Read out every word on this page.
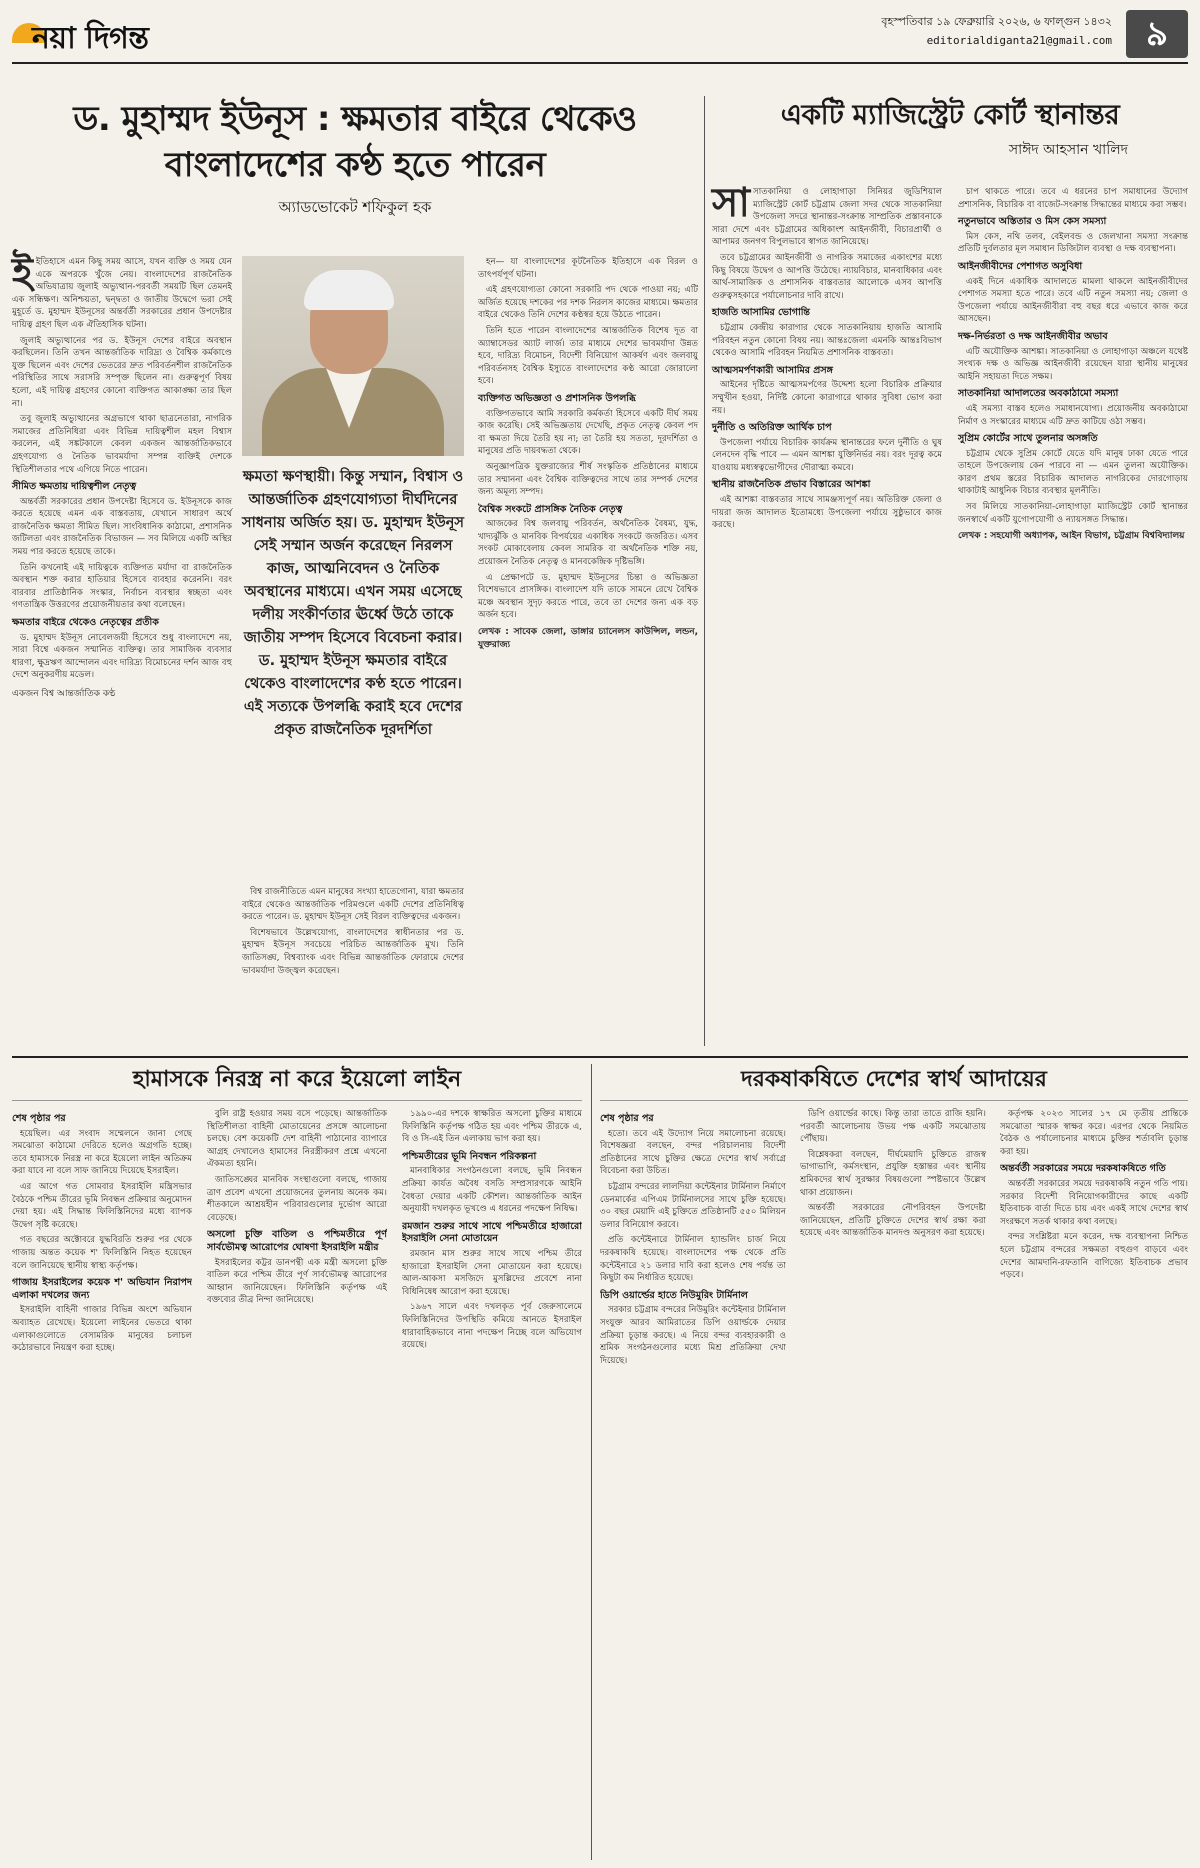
নয়া দিগন্ত	বৃহস্পতিবার ১৯ ফেব্রুয়ারি ২০২৬, ৬ ফাল্গুন ১৪৩২
editorialdiganta21@gmail.com ৯
ড. মুহাম্মদ ইউনূস : ক্ষমতার বাইরে থেকেও
বাংলাদেশের কণ্ঠ হতে পারেন
অ্যাডভোকেট শফিকুল হক

ইইতিহাসে এমন কিছু সময় আসে, যখন ব্যক্তি ও সময় যেন একে অপরকে খুঁজে নেয়। বাংলাদেশের রাজনৈতিক অভিযাত্রায় জুলাই অভ্যুত্থান-পরবর্তী সময়টি ছিল তেমনই এক সন্ধিক্ষণ। অনিশ্চয়তা, দ্বন্দ্বতা ও জাতীয় উদ্বেগে ভরা সেই মুহূর্তে ড. মুহাম্মদ ইউনূসের অন্তর্বর্তী সরকারের প্রধান উপদেষ্টার দায়িত্ব গ্রহণ ছিল এক ঐতিহাসিক ঘটনা।

জুলাই অভ্যুত্থানের পর ড. ইউনূস দেশের বাইরে অবস্থান করছিলেন। তিনি তখন আন্তর্জাতিক দারিদ্র্য ও বৈশ্বিক কর্মকাণ্ডে যুক্ত ছিলেন এবং দেশের ভেতরের দ্রুত পরিবর্তনশীল রাজনৈতিক পরিস্থিতির সাথে সরাসরি সম্পৃক্ত ছিলেন না। গুরুত্বপূর্ণ বিষয় হলো, এই দায়িত্ব গ্রহণের কোনো ব্যক্তিগত আকাঙ্ক্ষা তার ছিল না।

তবু জুলাই অভ্যুত্থানের অগ্রভাগে থাকা ছাত্রনেতারা, নাগরিক সমাজের প্রতিনিধিরা এবং বিভিন্ন দায়িত্বশীল মহল বিশ্বাস করলেন, এই সঙ্কটকালে কেবল একজন আন্তর্জাতিকভাবে গ্রহণযোগ্য ও নৈতিক ভাবমর্যাদা সম্পন্ন ব্যক্তিই দেশকে স্থিতিশীলতার পথে এগিয়ে নিতে পারেন।

সীমিত ক্ষমতায় দায়িত্বশীল নেতৃত্ব

অন্তর্বর্তী সরকারের প্রধান উপদেষ্টা হিসেবে ড. ইউনূসকে কাজ করতে হয়েছে এমন এক বাস্তবতায়, যেখানে সাধারণ অর্থে রাজনৈতিক ক্ষমতা সীমিত ছিল। সাংবিধানিক কাঠামো, প্রশাসনিক জটিলতা এবং রাজনৈতিক বিভাজন — সব মিলিয়ে একটি অস্থির সময় পার করতে হয়েছে তাকে।

তিনি কখনোই এই দায়িত্বকে ব্যক্তিগত মর্যাদা বা রাজনৈতিক অবস্থান শক্ত করার হাতিয়ার হিসেবে ব্যবহার করেননি। বরং বারবার প্রাতিষ্ঠানিক সংস্কার, নির্বাচন ব্যবস্থার স্বচ্ছতা এবং গণতান্ত্রিক উত্তরণের প্রয়োজনীয়তার কথা বলেছেন।

ক্ষমতার বাইরে থেকেও নেতৃত্বের প্রতীক

ড. মুহাম্মদ ইউনূস নোবেলজয়ী হিসেবে শুধু বাংলাদেশে নয়, সারা বিশ্বে একজন সম্মানিত ব্যক্তিত্ব। তার সামাজিক ব্যবসার ধারণা, ক্ষুদ্রঋণ আন্দোলন এবং দারিদ্র্য বিমোচনের দর্শন আজ বহু দেশে অনুকরণীয় মডেল।

একজন বিশ্ব আন্তর্জাতিক কণ্ঠ
ক্ষমতা ক্ষণস্থায়ী। কিন্তু সম্মান, বিশ্বাস ও আন্তর্জাতিক গ্রহণযোগ্যতা দীর্ঘদিনের সাধনায় অর্জিত হয়। ড. মুহাম্মদ ইউনূস সেই সম্মান অর্জন করেছেন নিরলস কাজ, আত্মনিবেদন ও নৈতিক অবস্থানের মাধ্যমে। এখন সময় এসেছে দলীয় সংকীর্ণতার ঊর্ধ্বে উঠে তাকে জাতীয় সম্পদ হিসেবে বিবেচনা করার। ড. মুহাম্মদ ইউনূস ক্ষমতার বাইরে থেকেও বাংলাদেশের কণ্ঠ হতে পারেন। এই সত্যকে উপলব্ধি করাই হবে দেশের প্রকৃত রাজনৈতিক দূরদর্শিতা

হন— যা বাংলাদেশের কূটনৈতিক ইতিহাসে এক বিরল ও তাৎপর্যপূর্ণ ঘটনা।

এই গ্রহণযোগ্যতা কোনো সরকারি পদ থেকে পাওয়া নয়; এটি অর্জিত হয়েছে দশকের পর দশক নিরলস কাজের মাধ্যমে। ক্ষমতার বাইরে থেকেও তিনি দেশের কণ্ঠস্বর হয়ে উঠতে পারেন।

তিনি হতে পারেন বাংলাদেশের আন্তর্জাতিক বিশেষ দূত বা অ্যাম্বাসেডর অ্যাট লার্জ। তার মাধ্যমে দেশের ভাবমর্যাদা উন্নত হবে, দারিদ্র্য বিমোচন, বিদেশী বিনিয়োগ আকর্ষণ এবং জলবায়ু পরিবর্তনসহ বৈশ্বিক ইস্যুতে বাংলাদেশের কণ্ঠ আরো জোরালো হবে।

ব্যক্তিগত অভিজ্ঞতা ও প্রশাসনিক উপলব্ধি

ব্যক্তিগতভাবে আমি সরকারি কর্মকর্তা হিসেবে একটি দীর্ঘ সময় কাজ করেছি। সেই অভিজ্ঞতায় দেখেছি, প্রকৃত নেতৃত্ব কেবল পদ বা ক্ষমতা দিয়ে তৈরি হয় না; তা তৈরি হয় সততা, দূরদর্শিতা ও মানুষের প্রতি দায়বদ্ধতা থেকে।

অনুজ্ঞাপত্রিক যুক্তরাজ্যের শীর্ষ সংস্কৃতিক প্রতিষ্ঠানের মাধ্যমে তার সম্মাননা এবং বৈশ্বিক ব্যক্তিত্বদের সাথে তার সম্পর্ক দেশের জন্য অমূল্য সম্পদ।

বৈশ্বিক সংকটে প্রাসঙ্গিক নৈতিক নেতৃত্ব

আজকের বিশ্ব জলবায়ু পরিবর্তন, অর্থনৈতিক বৈষম্য, যুদ্ধ, খাদ্যঝুঁকি ও মানবিক বিপর্যয়ের একাধিক সংকটে জর্জরিত। এসব সংকট মোকাবেলায় কেবল সামরিক বা অর্থনৈতিক শক্তি নয়, প্রয়োজন নৈতিক নেতৃত্ব ও মানবকেন্দ্রিক দৃষ্টিভঙ্গি।

এ প্রেক্ষাপটে ড. মুহাম্মদ ইউনূসের চিন্তা ও অভিজ্ঞতা বিশেষভাবে প্রাসঙ্গিক। বাংলাদেশ যদি তাকে সামনে রেখে বৈশ্বিক মঞ্চে অবস্থান সুদৃঢ় করতে পারে, তবে তা দেশের জন্য এক বড় অর্জন হবে।

লেখক : সাবেক জেলা, ডাঙ্গার চ্যানেলস কাউন্সিল, লন্ডন, যুক্তরাজ্য

বিশ্ব রাজনীতিতে এমন মানুষের সংখ্যা হাতেগোনা, যারা ক্ষমতার বাইরে থেকেও আন্তর্জাতিক পরিমণ্ডলে একটি দেশের প্রতিনিধিত্ব করতে পারেন। ড. মুহাম্মদ ইউনূস সেই বিরল ব্যক্তিত্বদের একজন।

বিশেষভাবে উল্লেখযোগ্য, বাংলাদেশের স্বাধীনতার পর ড. মুহাম্মদ ইউনূস সবচেয়ে পরিচিত আন্তর্জাতিক মুখ। তিনি জাতিসঙ্ঘ, বিশ্বব্যাংক এবং বিভিন্ন আন্তর্জাতিক ফোরামে দেশের ভাবমর্যাদা উজ্জ্বল করেছেন।

একটি ম্যাজিস্ট্রেট কোর্ট স্থানান্তর
সাঈদ আহসান খালিদ

সাসাতকানিয়া ও লোহাগাড়া সিনিয়র জুডিশিয়াল ম্যাজিস্ট্রেট কোর্ট চট্টগ্রাম জেলা সদর থেকে সাতকানিয়া উপজেলা সদরে স্থানান্তর-সংক্রান্ত সাম্প্রতিক প্রস্তাবনাকে সারা দেশে এবং চট্টগ্রামের অধিকাংশ আইনজীবী, বিচারপ্রার্থী ও আপামর জনগণ বিপুলভাবে স্বাগত জানিয়েছে।

তবে চট্টগ্রামের আইনজীবী ও নাগরিক সমাজের একাংশের মধ্যে কিছু বিষয়ে উদ্বেগ ও আপত্তি উঠেছে। ন্যায়বিচার, মানবাধিকার এবং আর্থ-সামাজিক ও প্রশাসনিক বাস্তবতার আলোকে এসব আপত্তি গুরুত্বসহকারে পর্যালোচনার দাবি রাখে।

হাজতি আসামির ভোগান্তি

চট্টগ্রাম কেন্দ্রীয় কারাগার থেকে সাতকানিয়ায় হাজতি আসামি পরিবহন নতুন কোনো বিষয় নয়। আন্তঃজেলা এমনকি আন্তঃবিভাগ থেকেও আসামি পরিবহন নিয়মিত প্রশাসনিক বাস্তবতা।

আত্মসমর্পণকারী আসামির প্রসঙ্গ

আইনের দৃষ্টিতে আত্মসমর্পণের উদ্দেশ্য হলো বিচারিক প্রক্রিয়ার সম্মুখীন হওয়া, নির্দিষ্ট কোনো কারাগারে থাকার সুবিধা ভোগ করা নয়।

দুর্নীতি ও অতিরিক্ত আর্থিক চাপ

উপজেলা পর্যায়ে বিচারিক কার্যক্রম স্থানান্তরের ফলে দুর্নীতি ও ঘুষ লেনদেন বৃদ্ধি পাবে — এমন আশঙ্কা যুক্তিনির্ভর নয়। বরং দূরত্ব কমে যাওয়ায় মধ্যস্বত্বভোগীদের দৌরাত্ম্য কমবে।

স্থানীয় রাজনৈতিক প্রভাব বিস্তারের আশঙ্কা

এই আশঙ্কা বাস্তবতার সাথে সামঞ্জস্যপূর্ণ নয়। অতিরিক্ত জেলা ও দায়রা জজ আদালত ইতোমধ্যে উপজেলা পর্যায়ে সুষ্ঠুভাবে কাজ করছে।

চাপ থাকতে পারে। তবে এ ধরনের চাপ সমাধানের উদ্যোগ প্রশাসনিক, বিচারিক বা বাজেট-সংক্রান্ত সিদ্ধান্তের মাধ্যমে করা সম্ভব।

নতুনভাবে অস্তিতার ও মিস কেস সমস্যা

মিস কেস, নথি তলব, বেইলবন্ড ও জেলখানা সমস্যা সংক্রান্ত প্রতিটি দুর্বলতার মূল সমাধান ডিজিটাল ব্যবস্থা ও দক্ষ ব্যবস্থাপনা।

আইনজীবীদের পেশাগত অসুবিধা

একই দিনে একাধিক আদালতে মামলা থাকলে আইনজীবীদের পেশাগত সমস্যা হতে পারে। তবে এটি নতুন সমস্যা নয়; জেলা ও উপজেলা পর্যায়ে আইনজীবীরা বহু বছর ধরে এভাবে কাজ করে আসছেন।

দক্ষ-নির্ভরতা ও দক্ষ আইনজীবীর অভাব

এটি অযৌক্তিক আশঙ্কা। সাতকানিয়া ও লোহাগাড়া অঞ্চলে যথেষ্ট সংখ্যক দক্ষ ও অভিজ্ঞ আইনজীবী রয়েছেন যারা স্থানীয় মানুষের আইনি সহায়তা দিতে সক্ষম।

সাতকানিয়া আদালতের অবকাঠামো সমস্যা

এই সমস্যা বাস্তব হলেও সমাধানযোগ্য। প্রয়োজনীয় অবকাঠামো নির্মাণ ও সংস্কারের মাধ্যমে এটি দ্রুত কাটিয়ে ওঠা সম্ভব।

সুপ্রিম কোর্টের সাথে তুলনার অসঙ্গতি

চট্টগ্রাম থেকে সুপ্রিম কোর্টে যেতে যদি মানুষ ঢাকা যেতে পারে তাহলে উপজেলায় কেন পারবে না — এমন তুলনা অযৌক্তিক। কারণ প্রথম স্তরের বিচারিক আদালত নাগরিকের দোরগোড়ায় থাকাটাই আধুনিক বিচার ব্যবস্থার মূলনীতি।

সব মিলিয়ে সাতকানিয়া-লোহাগাড়া ম্যাজিস্ট্রেট কোর্ট স্থানান্তর জনস্বার্থে একটি যুগোপযোগী ও ন্যায়সঙ্গত সিদ্ধান্ত।

লেখক : সহযোগী অধ্যাপক, আইন বিভাগ, চট্টগ্রাম বিশ্ববিদ্যালয়
হামাসকে নিরস্ত্র না করে ইয়েলো লাইন
শেষ পৃষ্ঠার পর

হয়েছিল। এর সংবাদ সম্মেলনে জানা গেছে সমঝোতা কাঠামো দেরিতে হলেও অগ্রগতি হচ্ছে। তবে হামাসকে নিরস্ত্র না করে ইয়েলো লাইন অতিক্রম করা যাবে না বলে সাফ জানিয়ে দিয়েছে ইসরাইল।

এর আগে গত সোমবার ইসরাইলি মন্ত্রিসভার বৈঠকে পশ্চিম তীরের ভূমি নিবন্ধন প্রক্রিয়ার অনুমোদন দেয়া হয়। এই সিদ্ধান্ত ফিলিস্তিনিদের মধ্যে ব্যাপক উদ্বেগ সৃষ্টি করেছে।

গত বছরের অক্টোবরে যুদ্ধবিরতি শুরুর পর থেকে গাজায় অন্তত কয়েক শ' ফিলিস্তিনি নিহত হয়েছেন বলে জানিয়েছে স্থানীয় স্বাস্থ্য কর্তৃপক্ষ।

গাজায় ইসরাইলের কয়েক শ' অভিযান নিরাপদ এলাকা দখলের জন্য

ইসরাইলি বাহিনী গাজার বিভিন্ন অংশে অভিযান অব্যাহত রেখেছে। ইয়েলো লাইনের ভেতরে থাকা এলাকাগুলোতে বেসামরিক মানুষের চলাচল কঠোরভাবে নিয়ন্ত্রণ করা হচ্ছে।

বুলি রাষ্ট্র হওয়ার সময় বসে পড়েছে। আন্তর্জাতিক স্থিতিশীলতা বাহিনী মোতায়েনের প্রসঙ্গে আলোচনা চলছে। বেশ কয়েকটি দেশ বাহিনী পাঠানোর ব্যাপারে আগ্রহ দেখালেও হামাসের নিরস্ত্রীকরণ প্রশ্নে এখনো ঐকমত্য হয়নি।

জাতিসঙ্ঘের মানবিক সংস্থাগুলো বলছে, গাজায় ত্রাণ প্রবেশ এখনো প্রয়োজনের তুলনায় অনেক কম। শীতকালে আশ্রয়হীন পরিবারগুলোর দুর্ভোগ আরো বেড়েছে।

অসলো চুক্তি বাতিল ও পশ্চিমতীরে পূর্ণ সার্বভৌমত্ব আরোপের ঘোষণা ইসরাইলি মন্ত্রীর

ইসরাইলের কট্টর ডানপন্থী এক মন্ত্রী অসলো চুক্তি বাতিল করে পশ্চিম তীরে পূর্ণ সার্বভৌমত্ব আরোপের আহ্বান জানিয়েছেন। ফিলিস্তিনি কর্তৃপক্ষ এই বক্তব্যের তীব্র নিন্দা জানিয়েছে।

১৯৯০-এর দশকে স্বাক্ষরিত অসলো চুক্তির মাধ্যমে ফিলিস্তিনি কর্তৃপক্ষ গঠিত হয় এবং পশ্চিম তীরকে এ, বি ও সি-এই তিন এলাকায় ভাগ করা হয়।

পশ্চিমতীরের ভূমি নিবন্ধন পরিকল্পনা

মানবাধিকার সংগঠনগুলো বলছে, ভূমি নিবন্ধন প্রক্রিয়া কার্যত অবৈধ বসতি সম্প্রসারণকে আইনি বৈধতা দেয়ার একটি কৌশল। আন্তর্জাতিক আইন অনুযায়ী দখলকৃত ভূখণ্ডে এ ধরনের পদক্ষেপ নিষিদ্ধ।

রমজান শুরুর সাথে সাথে পশ্চিমতীরে হাজারো ইসরাইলি সেনা মোতায়েন

রমজান মাস শুরুর সাথে সাথে পশ্চিম তীরে হাজারো ইসরাইলি সেনা মোতায়েন করা হয়েছে। আল-আকসা মসজিদে মুসল্লিদের প্রবেশে নানা বিধিনিষেধ আরোপ করা হয়েছে।

১৯৬৭ সালে এবং দখলকৃত পূর্ব জেরুসালেমে ফিলিস্তিনিদের উপস্থিতি কমিয়ে আনতে ইসরাইল ধারাবাহিকভাবে নানা পদক্ষেপ নিচ্ছে বলে অভিযোগ রয়েছে।

দরকষাকষিতে দেশের স্বার্থ আদায়ের
শেষ পৃষ্ঠার পর

হতো। তবে এই উদ্যোগ নিয়ে সমালোচনা রয়েছে। বিশেষজ্ঞরা বলছেন, বন্দর পরিচালনায় বিদেশী প্রতিষ্ঠানের সাথে চুক্তির ক্ষেত্রে দেশের স্বার্থ সর্বাগ্রে বিবেচনা করা উচিত।

চট্টগ্রাম বন্দরের লালদিয়া কন্টেইনার টার্মিনাল নির্মাণে ডেনমার্কের এপিএম টার্মিনালসের সাথে চুক্তি হয়েছে। ৩০ বছর মেয়াদি এই চুক্তিতে প্রতিষ্ঠানটি ৫৫০ মিলিয়ন ডলার বিনিয়োগ করবে।

প্রতি কন্টেইনারে টার্মিনাল হ্যান্ডলিং চার্জ নিয়ে দরকষাকষি হয়েছে। বাংলাদেশের পক্ষ থেকে প্রতি কন্টেইনারে ২১ ডলার দাবি করা হলেও শেষ পর্যন্ত তা কিছুটা কম নির্ধারিত হয়েছে।

ডিপি ওয়ার্ল্ডের হাতে নিউমুরিং টার্মিনাল

সরকার চট্টগ্রাম বন্দরের নিউমুরিং কন্টেইনার টার্মিনাল সংযুক্ত আরব আমিরাতের ডিপি ওয়ার্ল্ডকে দেয়ার প্রক্রিয়া চূড়ান্ত করছে। এ নিয়ে বন্দর ব্যবহারকারী ও শ্রমিক সংগঠনগুলোর মধ্যে মিশ্র প্রতিক্রিয়া দেখা দিয়েছে।

ডিপি ওয়ার্ল্ডের কাছে। কিন্তু তারা তাতে রাজি হয়নি। পরবর্তী আলোচনায় উভয় পক্ষ একটি সমঝোতায় পৌঁছায়।

বিশ্লেষকরা বলছেন, দীর্ঘমেয়াদি চুক্তিতে রাজস্ব ভাগাভাগি, কর্মসংস্থান, প্রযুক্তি হস্তান্তর এবং স্থানীয় শ্রমিকদের স্বার্থ সুরক্ষার বিষয়গুলো স্পষ্টভাবে উল্লেখ থাকা প্রয়োজন।

অন্তর্বর্তী সরকারের নৌপরিবহন উপদেষ্টা জানিয়েছেন, প্রতিটি চুক্তিতে দেশের স্বার্থ রক্ষা করা হয়েছে এবং আন্তর্জাতিক মানদণ্ড অনুসরণ করা হয়েছে।

কর্তৃপক্ষ ২০২৩ সালের ১৭ মে তৃতীয় প্রান্তিকে সমঝোতা স্মারক স্বাক্ষর করে। এরপর থেকে নিয়মিত বৈঠক ও পর্যালোচনার মাধ্যমে চুক্তির শর্তাবলি চূড়ান্ত করা হয়।

অন্তর্বর্তী সরকারের সময়ে দরকষাকষিতে গতি

অন্তর্বর্তী সরকারের সময়ে দরকষাকষি নতুন গতি পায়। সরকার বিদেশী বিনিয়োগকারীদের কাছে একটি ইতিবাচক বার্তা দিতে চায় এবং একই সাথে দেশের স্বার্থ সংরক্ষণে সতর্ক থাকার কথা বলছে।

বন্দর সংশ্লিষ্টরা মনে করেন, দক্ষ ব্যবস্থাপনা নিশ্চিত হলে চট্টগ্রাম বন্দরের সক্ষমতা বহুগুণ বাড়বে এবং দেশের আমদানি-রফতানি বাণিজ্যে ইতিবাচক প্রভাব পড়বে।
